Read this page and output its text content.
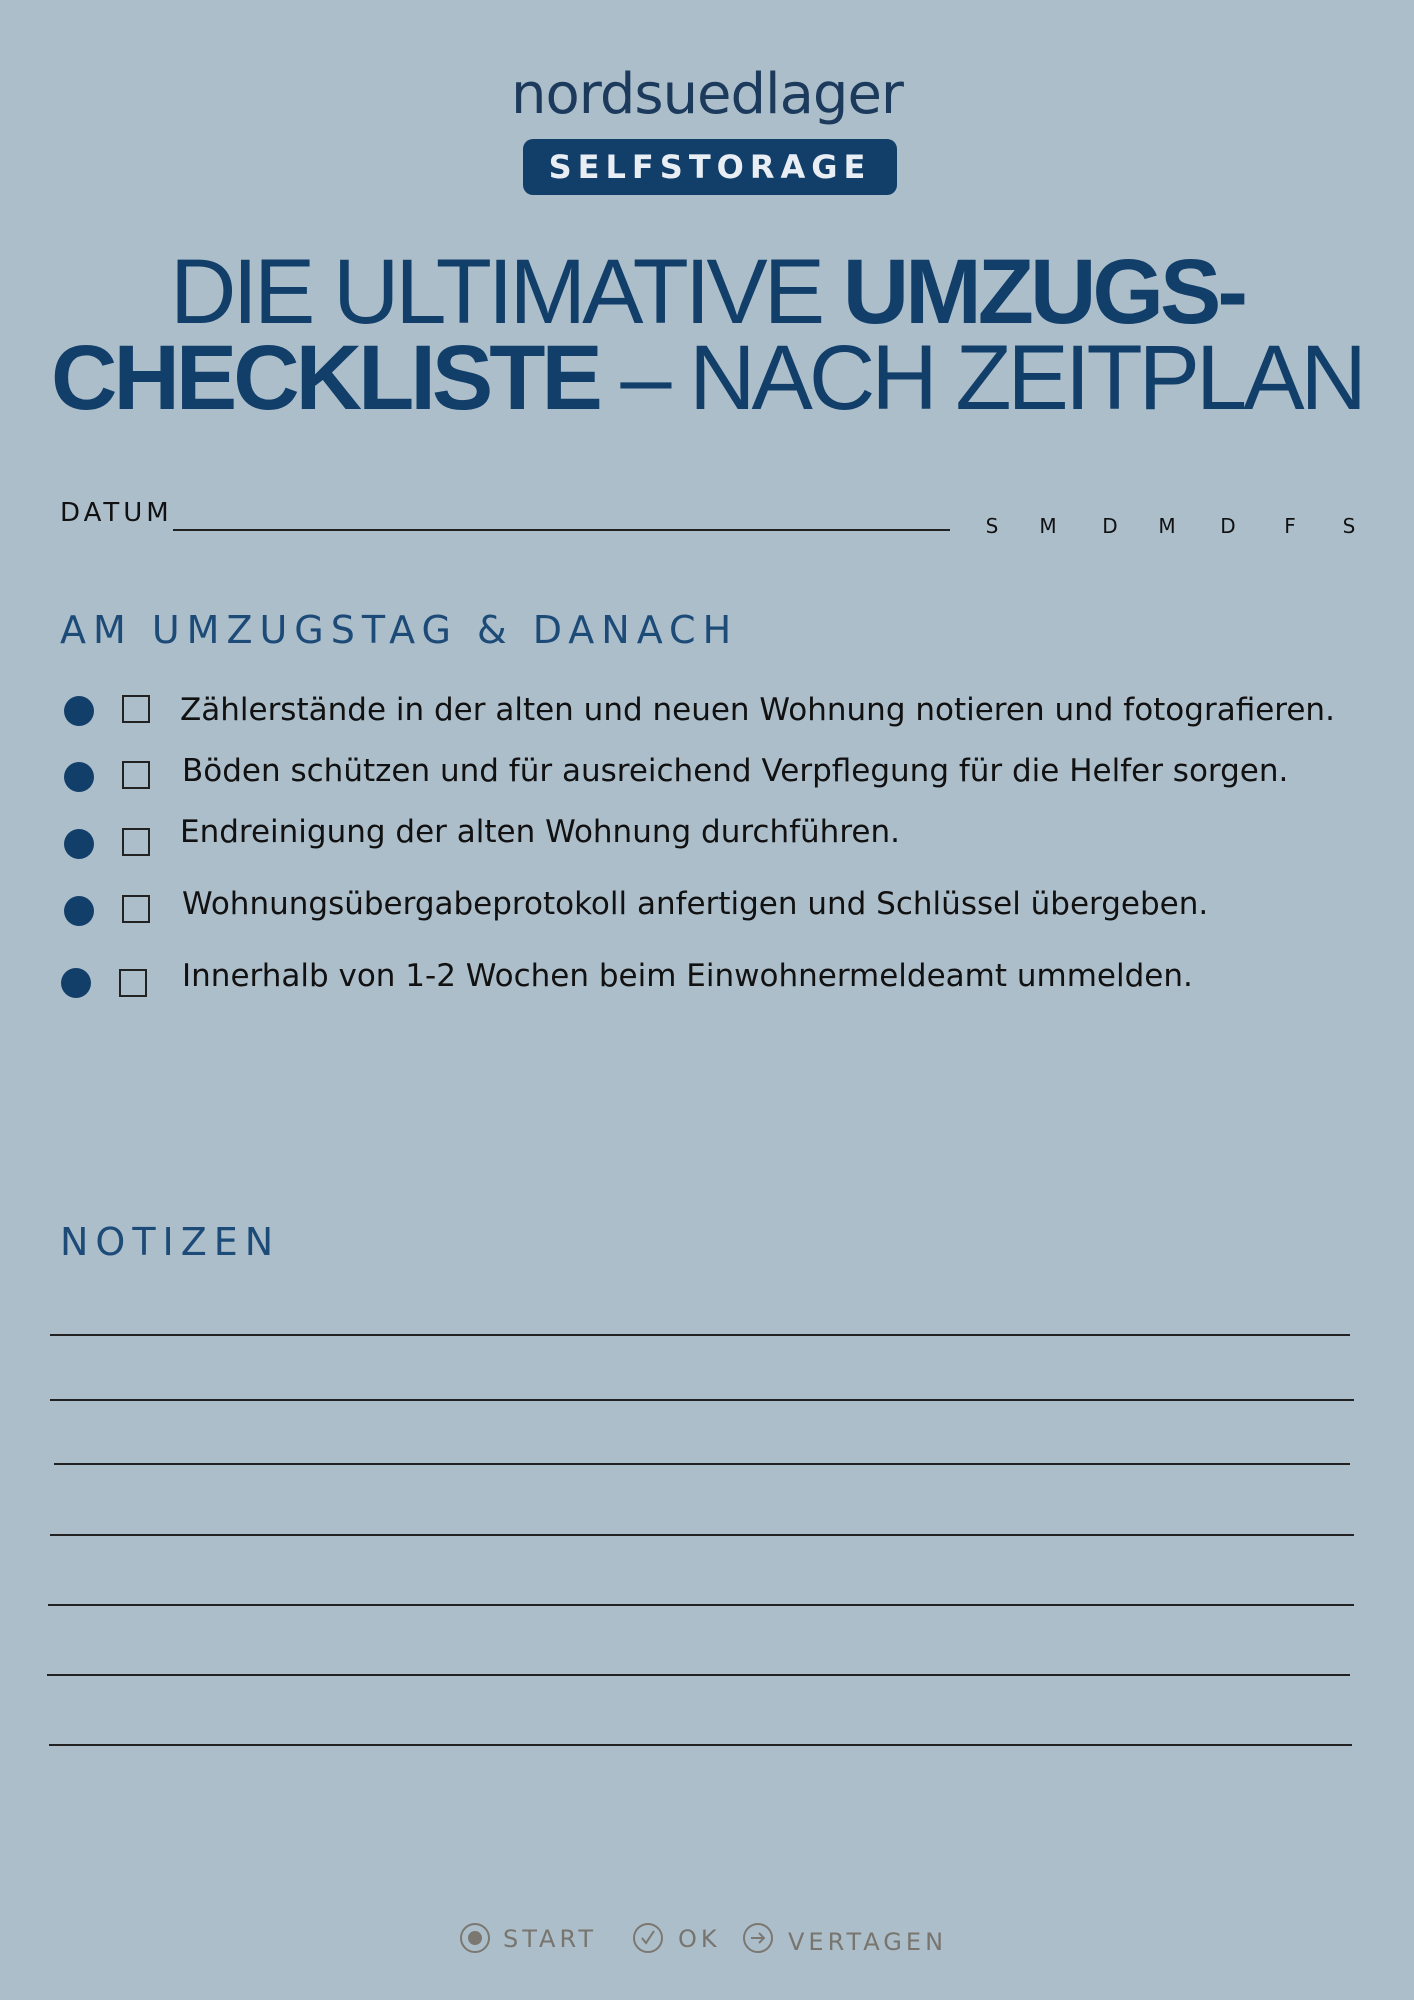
nordsuedlager
SELFSTORAGE
DIE ULTIMATIVE UMZUGS-
CHECKLISTE – NACH ZEITPLAN
DATUM	S	M	D	M	D	F	S
AM UMZUGSTAG & DANACH
Zählerstände in der alten und neuen Wohnung notieren und fotografieren.
Böden schützen und für ausreichend Verpflegung für die Helfer sorgen.
Endreinigung der alten Wohnung durchführen.
Wohnungsübergabeprotokoll anfertigen und Schlüssel übergeben.
Innerhalb von 1-2 Wochen beim Einwohnermeldeamt ummelden.
NOTIZEN
START	OK	VERTAGEN
